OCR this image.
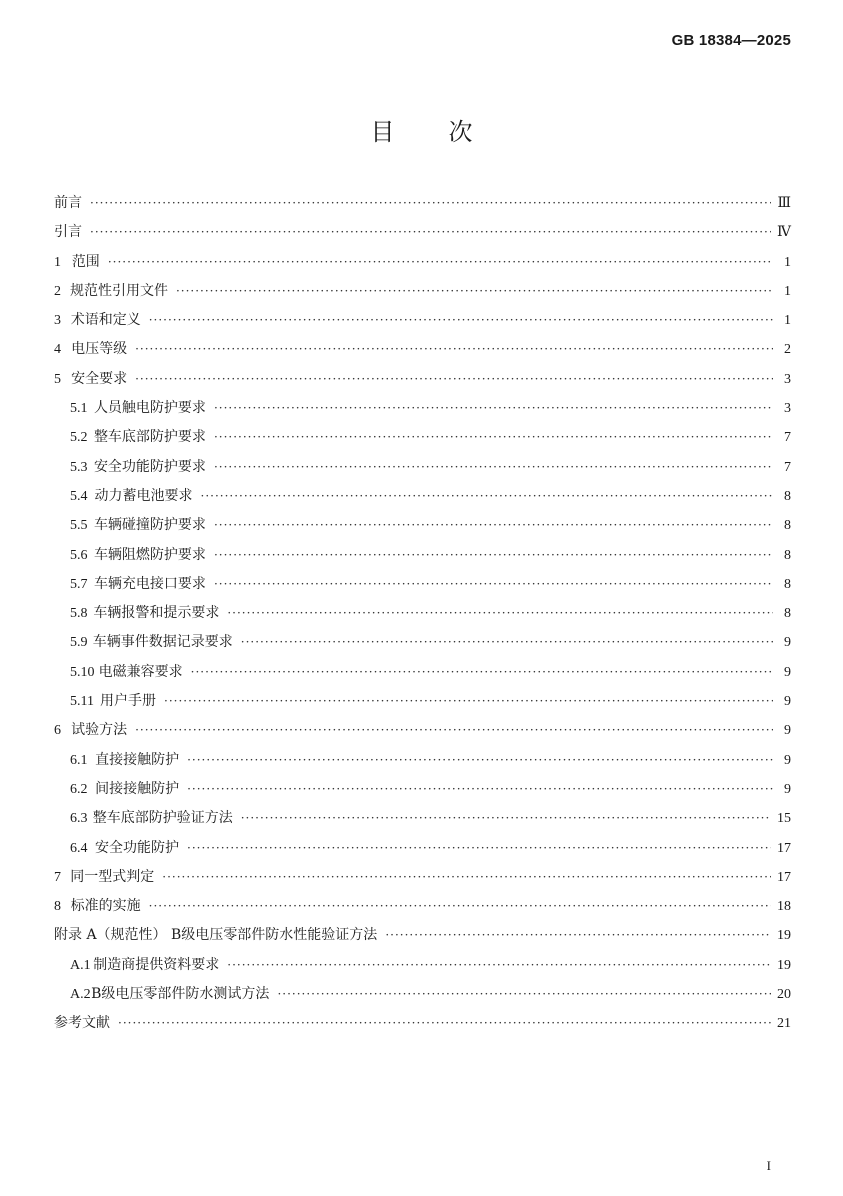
GB 18384—2025
目次
前言 ·····	Ⅲ
引言 ·····	Ⅳ
1 范围 ·····	1
2 规范性引用文件 ·····	1
3 术语和定义 ·····	1
4 电压等级 ·····	2
5 安全要求 ·····	3
5.1 人员触电防护要求 ·····	3
5.2 整车底部防护要求 ·····	7
5.3 安全功能防护要求 ·····	7
5.4 动力蓄电池要求 ·····	8
5.5 车辆碰撞防护要求 ·····	8
5.6 车辆阻燃防护要求 ·····	8
5.7 车辆充电接口要求 ·····	8
5.8 车辆报警和提示要求 ·····	8
5.9 车辆事件数据记录要求 ·····	9
5.10 电磁兼容要求 ·····	9
5.11 用户手册 ·····	9
6 试验方法 ·····	9
6.1 直接接触防护 ·····	9
6.2 间接接触防护 ·····	9
6.3 整车底部防护验证方法 ·····	15
6.4 安全功能防护 ·····	17
7 同一型式判定 ·····	17
8 标准的实施 ·····	18
附录 A（规范性） B级电压零部件防水性能验证方法 ·····	19
A.1 制造商提供资料要求 ·····	19
A.2 B级电压零部件防水测试方法 ·····	20
参考文献 ·····	21
I
